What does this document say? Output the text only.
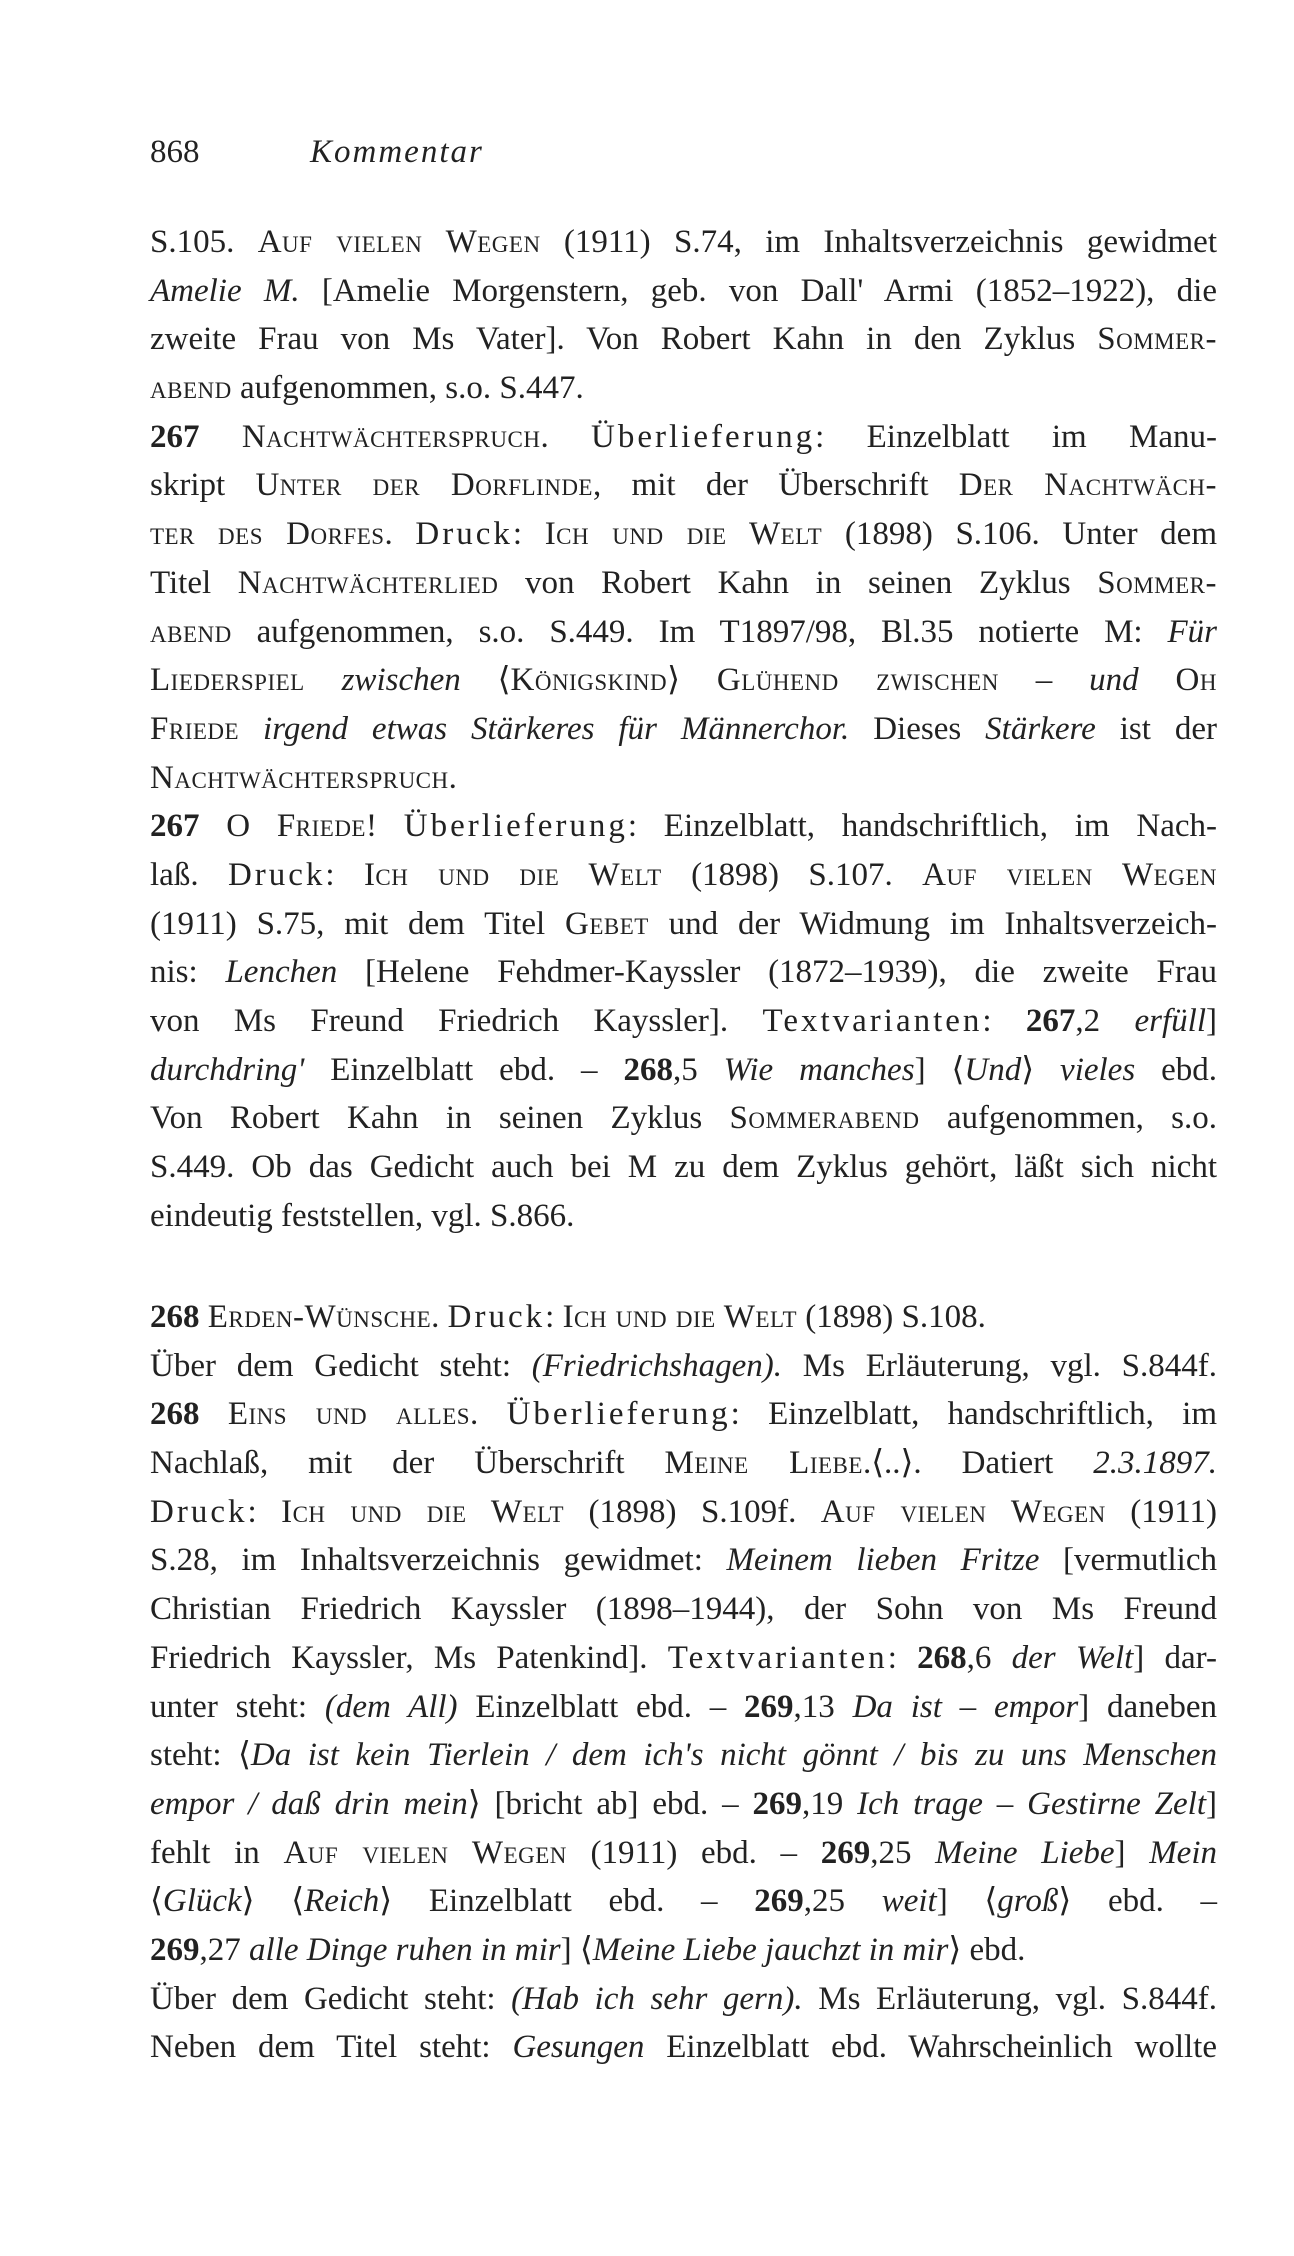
868	Kommentar
S.105. Auf vielen Wegen (1911) S.74, im Inhaltsverzeichnis gewidmet
Amelie M. [Amelie Morgenstern, geb. von Dall' Armi (1852–1922), die
zweite Frau von Ms Vater]. Von Robert Kahn in den Zyklus Sommer-
abend aufgenommen, s.o. S.447.
267 Nachtwächterspruch. Überlieferung: Einzelblatt im Manu-
skript Unter der Dorflinde, mit der Überschrift Der Nachtwäch-
ter des Dorfes. Druck: Ich und die Welt (1898) S.106. Unter dem
Titel Nachtwächterlied von Robert Kahn in seinen Zyklus Sommer-
abend aufgenommen, s.o. S.449. Im T1897/98, Bl.35 notierte M: Für
Liederspiel zwischen ⟨Königskind⟩ Glühend zwischen – und Oh
Friede irgend etwas Stärkeres für Männerchor. Dieses Stärkere ist der
Nachtwächterspruch.
267 O Friede! Überlieferung: Einzelblatt, handschriftlich, im Nach-
laß. Druck: Ich und die Welt (1898) S.107. Auf vielen Wegen
(1911) S.75, mit dem Titel Gebet und der Widmung im Inhaltsverzeich-
nis: Lenchen [Helene Fehdmer-Kayssler (1872–1939), die zweite Frau
von Ms Freund Friedrich Kayssler]. Textvarianten: 267,2 erfüll]
durchdring' Einzelblatt ebd. – 268,5 Wie manches] ⟨Und⟩ vieles ebd.
Von Robert Kahn in seinen Zyklus Sommerabend aufgenommen, s.o.
S.449. Ob das Gedicht auch bei M zu dem Zyklus gehört, läßt sich nicht
eindeutig feststellen, vgl. S.866.
268 Erden-Wünsche. Druck: Ich und die Welt (1898) S.108.
Über dem Gedicht steht: (Friedrichshagen). Ms Erläuterung, vgl. S.844f.
268 Eins und alles. Überlieferung: Einzelblatt, handschriftlich, im
Nachlaß, mit der Überschrift Meine Liebe.⟨..⟩. Datiert 2.3.1897.
Druck: Ich und die Welt (1898) S.109f. Auf vielen Wegen (1911)
S.28, im Inhaltsverzeichnis gewidmet: Meinem lieben Fritze [vermutlich
Christian Friedrich Kayssler (1898–1944), der Sohn von Ms Freund
Friedrich Kayssler, Ms Patenkind]. Textvarianten: 268,6 der Welt] dar-
unter steht: (dem All) Einzelblatt ebd. – 269,13 Da ist – empor] daneben
steht: ⟨Da ist kein Tierlein / dem ich's nicht gönnt / bis zu uns Menschen
empor / daß drin mein⟩ [bricht ab] ebd. – 269,19 Ich trage – Gestirne Zelt]
fehlt in Auf vielen Wegen (1911) ebd. – 269,25 Meine Liebe] Mein
⟨Glück⟩ ⟨Reich⟩ Einzelblatt ebd. – 269,25 weit] ⟨groß⟩ ebd. –
269,27 alle Dinge ruhen in mir] ⟨Meine Liebe jauchzt in mir⟩ ebd.
Über dem Gedicht steht: (Hab ich sehr gern). Ms Erläuterung, vgl. S.844f.
Neben dem Titel steht: Gesungen Einzelblatt ebd. Wahrscheinlich wollte
